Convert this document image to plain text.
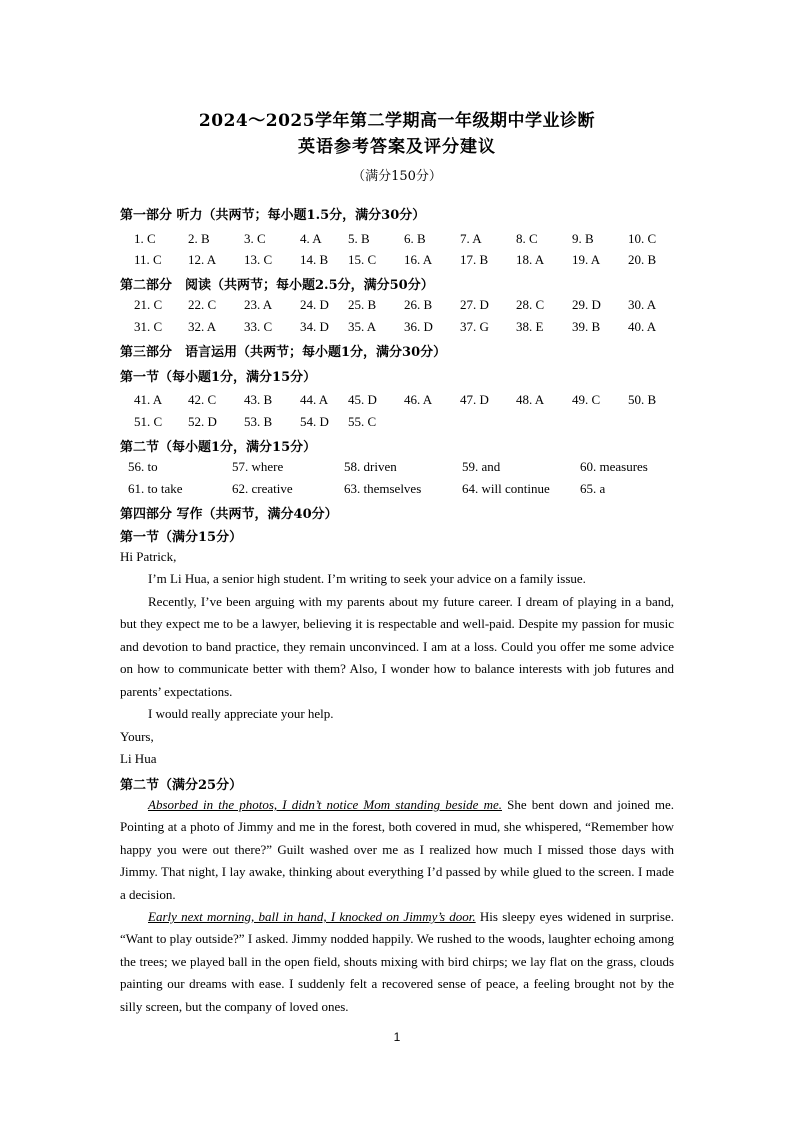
2024～2025学年第二学期高一年级期中学业诊断
英语参考答案及评分建议
（满分150分）
第一部分 听力（共两节；每小题1.5分，满分30分）
1. C 2. B	3. C	4. A 5. B	6. B	7. A	8. C	9. B	10. C
11. C 12. A 13. C 14. B 15. C 16. A 17. B 18. A 19. A 20. B
第二部分　阅读（共两节；每小题2.5分，满分50分）
21. C 22. C 23. A 24. D 25. B 26. B 27. D 28. C 29. D 30. A
31. C 32. A 33. C 34. D 35. A 36. D 37. G 38. E 39. B 40. A
第三部分　语言运用（共两节；每小题1分，满分30分）
第一节（每小题1分，满分15分）
41. A 42. C 43. B 44. A 45. D 46. A 47. D 48. A 49. C 50. B
51. C 52. D 53. B 54. D 55. C
第二节（每小题1分，满分15分）
56. to	57. where	58. driven	59. and	60. measures
61. to take	62. creative	63. themselves	64. will continue 65. a
第四部分 写作（共两节，满分40分）
第一节（满分15分）
Hi Patrick,
I’m Li Hua, a senior high student. I’m writing to seek your advice on a family issue.
Recently, I’ve been arguing with my parents about my future career. I dream of playing in a band, but they expect me to be a lawyer, believing it is respectable and well-paid. Despite my passion for music and devotion to band practice, they remain unconvinced. I am at a loss. Could you offer me some advice on how to communicate better with them? Also, I wonder how to balance interests with job futures and parents’ expectations.
I would really appreciate your help.
Yours,
Li Hua
第二节（满分25分）
Absorbed in the photos, I didn’t notice Mom standing beside me. She bent down and joined me. Pointing at a photo of Jimmy and me in the forest, both covered in mud, she whispered, “Remember how happy you were out there?” Guilt washed over me as I realized how much I missed those days with Jimmy. That night, I lay awake, thinking about everything I’d passed by while glued to the screen. I made a decision.
Early next morning, ball in hand, I knocked on Jimmy’s door. His sleepy eyes widened in surprise. “Want to play outside?” I asked. Jimmy nodded happily. We rushed to the woods, laughter echoing among the trees; we played ball in the open field, shouts mixing with bird chirps; we lay flat on the grass, clouds painting our dreams with ease. I suddenly felt a recovered sense of peace, a feeling brought not by the silly screen, but the company of loved ones.
1
